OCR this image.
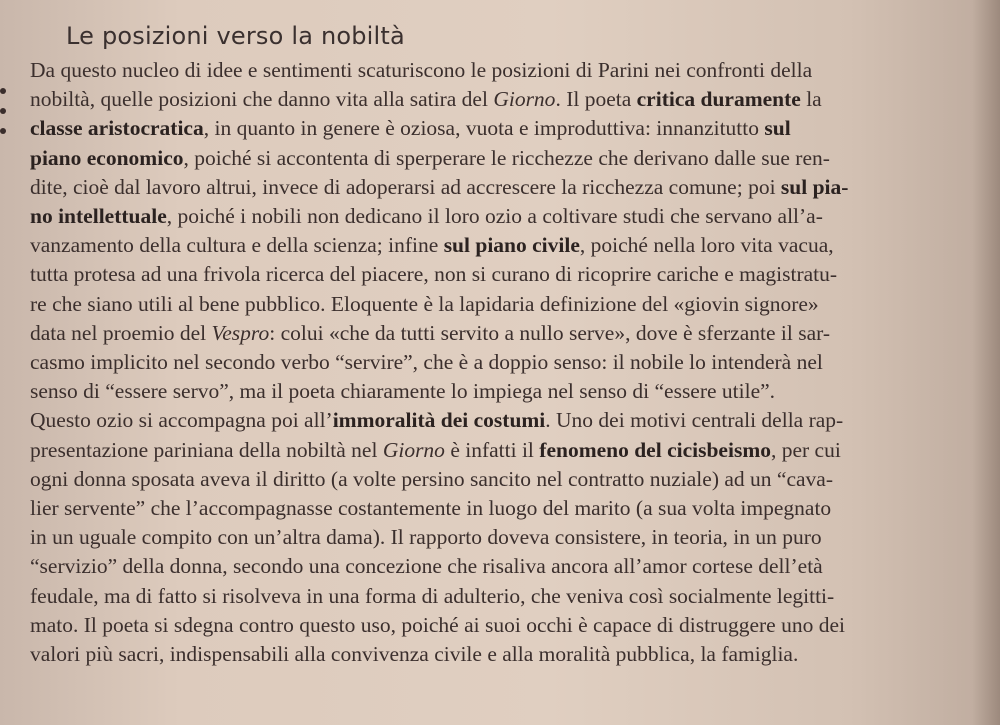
Le posizioni verso la nobiltà
Da questo nucleo di idee e sentimenti scaturiscono le posizioni di Parini nei confronti della
nobiltà, quelle posizioni che danno vita alla satira del Giorno. Il poeta critica duramente la
classe aristocratica, in quanto in genere è oziosa, vuota e improduttiva: innanzitutto sul
piano economico, poiché si accontenta di sperperare le ricchezze che derivano dalle sue ren-
dite, cioè dal lavoro altrui, invece di adoperarsi ad accrescere la ricchezza comune; poi sul pia-
no intellettuale, poiché i nobili non dedicano il loro ozio a coltivare studi che servano all’a-
vanzamento della cultura e della scienza; infine sul piano civile, poiché nella loro vita vacua,
tutta protesa ad una frivola ricerca del piacere, non si curano di ricoprire cariche e magistratu-
re che siano utili al bene pubblico. Eloquente è la lapidaria definizione del «giovin signore»
data nel proemio del Vespro: colui «che da tutti servito a nullo serve», dove è sferzante il sar-
casmo implicito nel secondo verbo “servire”, che è a doppio senso: il nobile lo intenderà nel
senso di “essere servo”, ma il poeta chiaramente lo impiega nel senso di “essere utile”.
Questo ozio si accompagna poi all’immoralità dei costumi. Uno dei motivi centrali della rap-
presentazione pariniana della nobiltà nel Giorno è infatti il fenomeno del cicisbeismo, per cui
ogni donna sposata aveva il diritto (a volte persino sancito nel contratto nuziale) ad un “cava-
lier servente” che l’accompagnasse costantemente in luogo del marito (a sua volta impegnato
in un uguale compito con un’altra dama). Il rapporto doveva consistere, in teoria, in un puro
“servizio” della donna, secondo una concezione che risaliva ancora all’amor cortese dell’età
feudale, ma di fatto si risolveva in una forma di adulterio, che veniva così socialmente legitti-
mato. Il poeta si sdegna contro questo uso, poiché ai suoi occhi è capace di distruggere uno dei
valori più sacri, indispensabili alla convivenza civile e alla moralità pubblica, la famiglia.
